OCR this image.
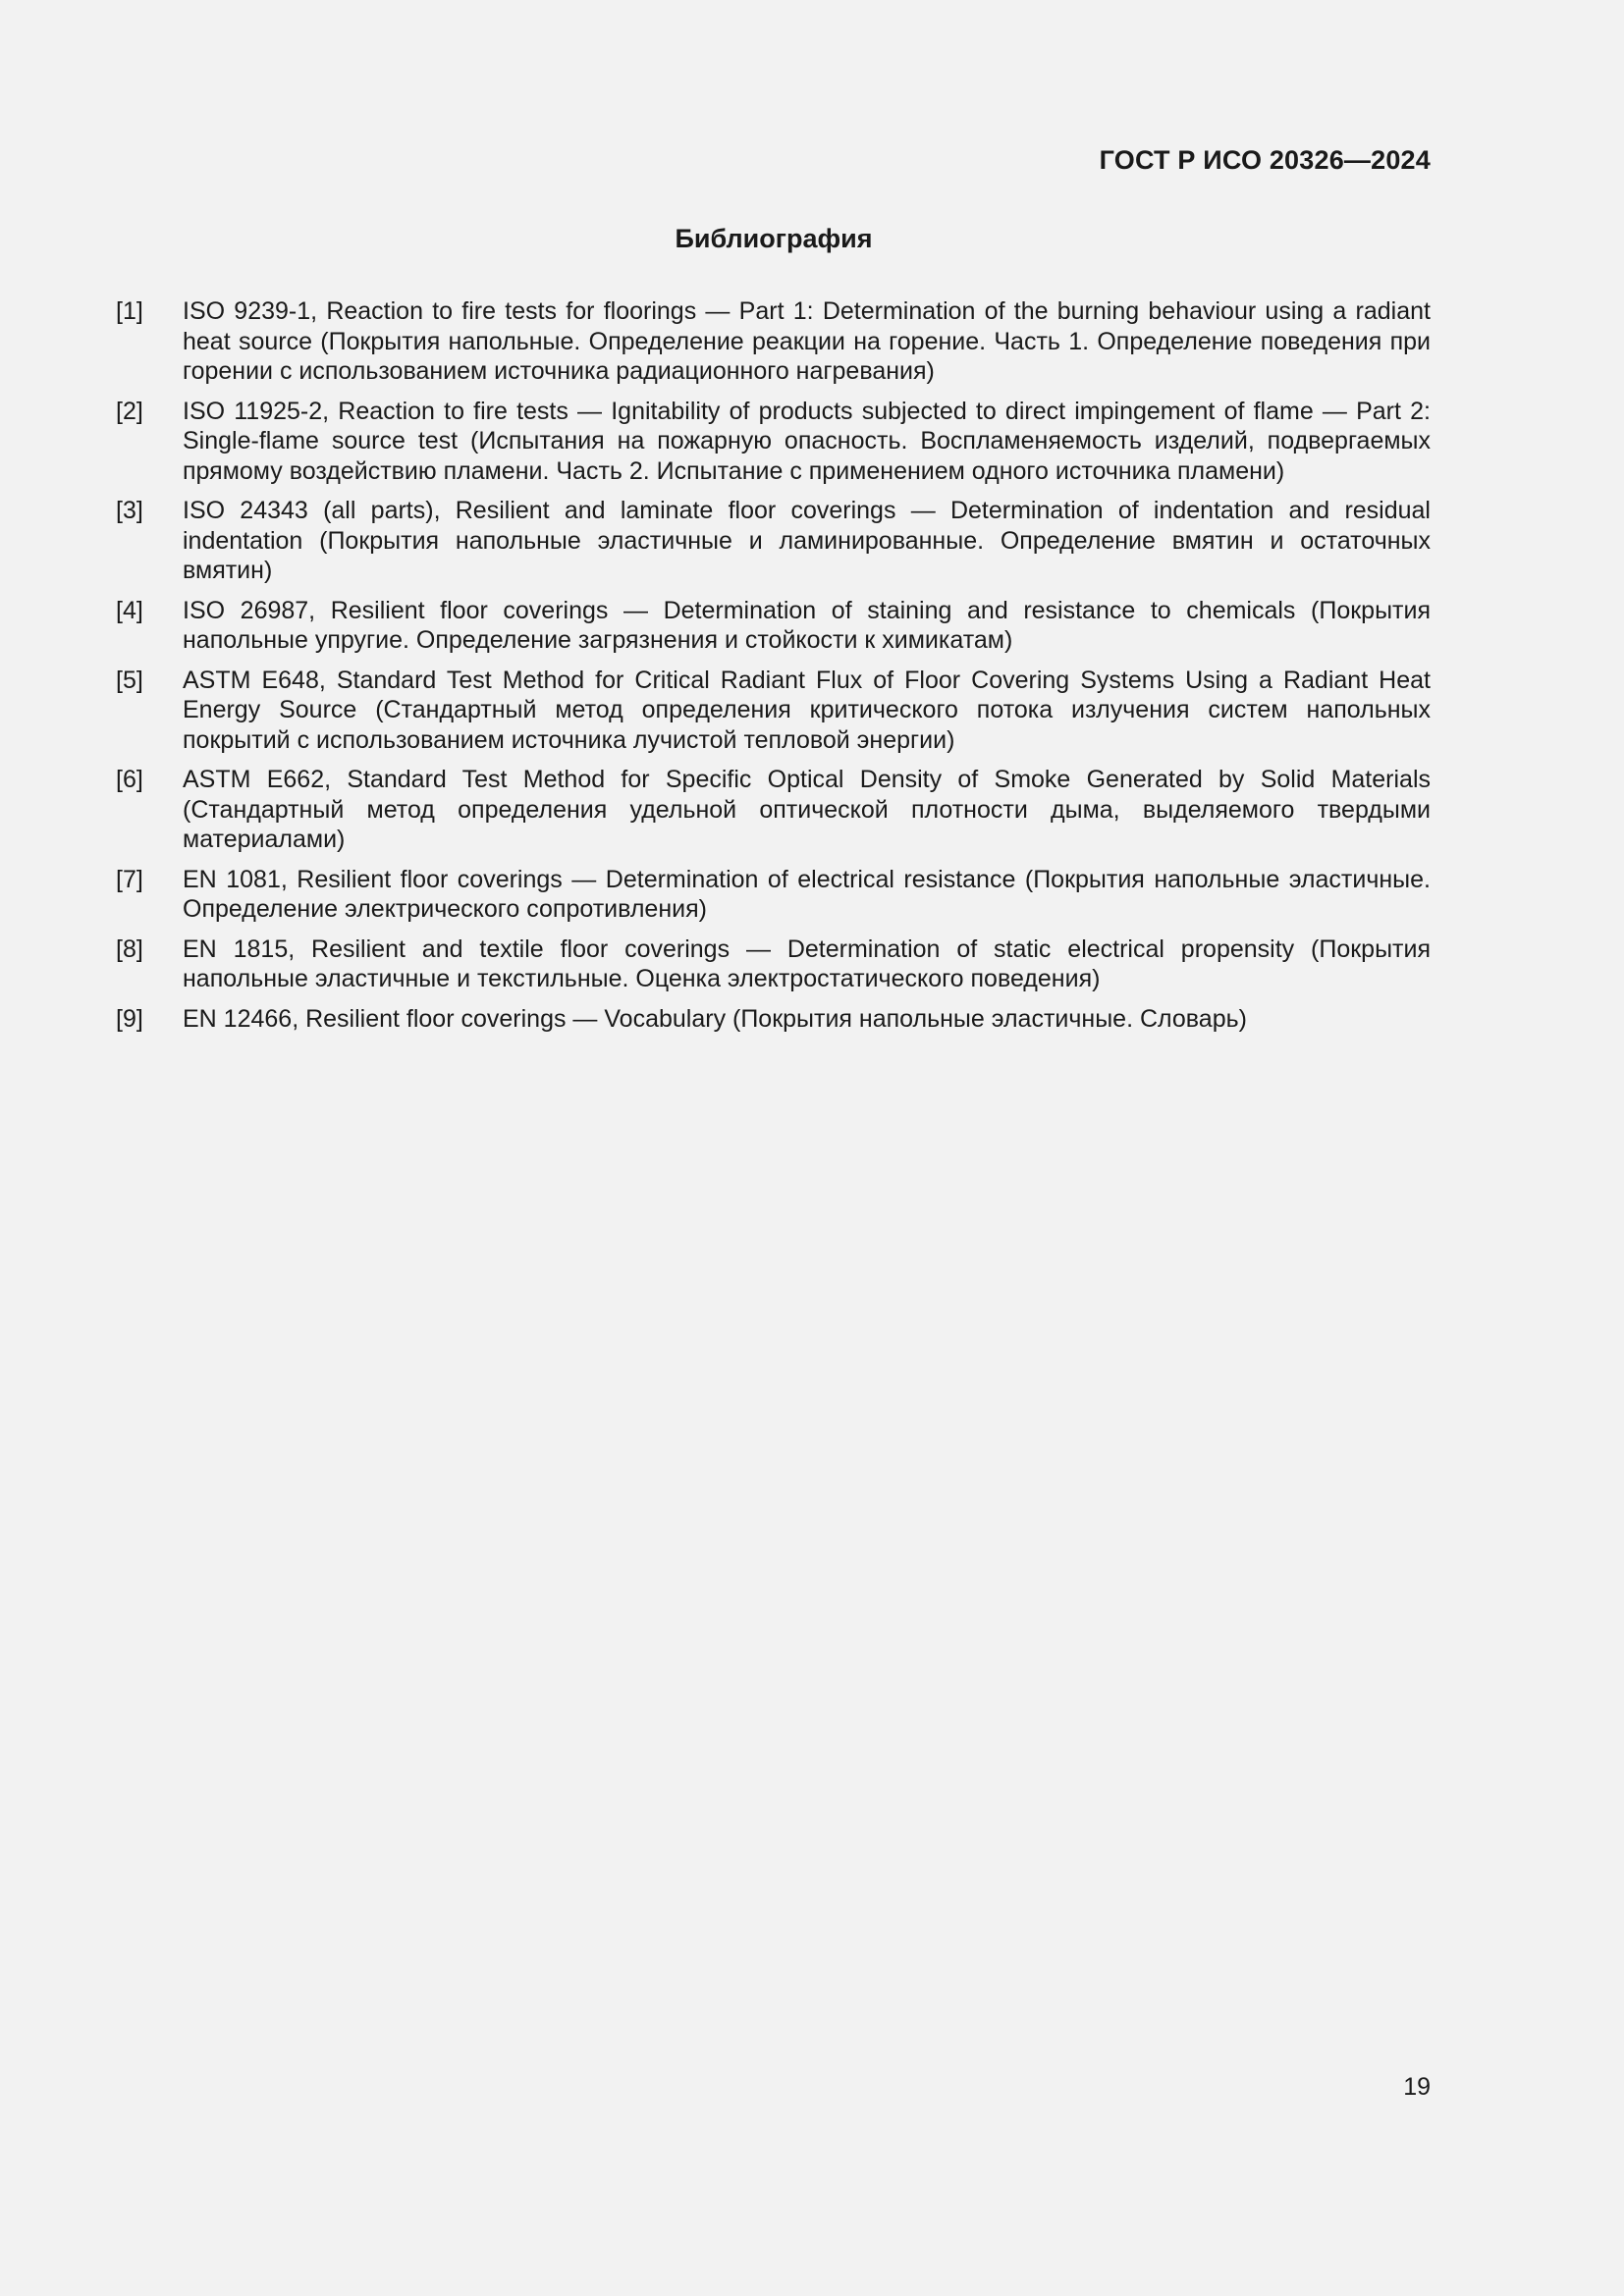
ГОСТ Р ИСО 20326—2024
Библиография
[1]	ISO 9239-1, Reaction to fire tests for floorings — Part 1: Determination of the burning behaviour using a radiant heat source (Покрытия напольные. Определение реакции на горение. Часть 1. Определение поведения при горении с использованием источника радиационного нагревания)
[2]	ISO 11925-2, Reaction to fire tests — Ignitability of products subjected to direct impingement of flame — Part 2: Single-flame source test (Испытания на пожарную опасность. Воспламеняемость изделий, подвергаемых прямому воздействию пламени. Часть 2. Испытание с применением одного источника пламени)
[3]	ISO 24343 (all parts), Resilient and laminate floor coverings — Determination of indentation and residual indentation (Покрытия напольные эластичные и ламинированные. Определение вмятин и остаточных вмятин)
[4]	ISO 26987, Resilient floor coverings — Determination of staining and resistance to chemicals (Покрытия напольные упругие. Определение загрязнения и стойкости к химикатам)
[5]	ASTM E648, Standard Test Method for Critical Radiant Flux of Floor Covering Systems Using a Radiant Heat Energy Source (Стандартный метод определения критического потока излучения систем напольных покрытий с использованием источника лучистой тепловой энергии)
[6]	ASTM E662, Standard Test Method for Specific Optical Density of Smoke Generated by Solid Materials (Стандартный метод определения удельной оптической плотности дыма, выделяемого твердыми материалами)
[7]	EN 1081, Resilient floor coverings — Determination of electrical resistance (Покрытия напольные эластичные. Определение электрического сопротивления)
[8]	EN 1815, Resilient and textile floor coverings — Determination of static electrical propensity (Покрытия напольные эластичные и текстильные. Оценка электростатического поведения)
[9]	EN 12466, Resilient floor coverings — Vocabulary (Покрытия напольные эластичные. Словарь)
19
